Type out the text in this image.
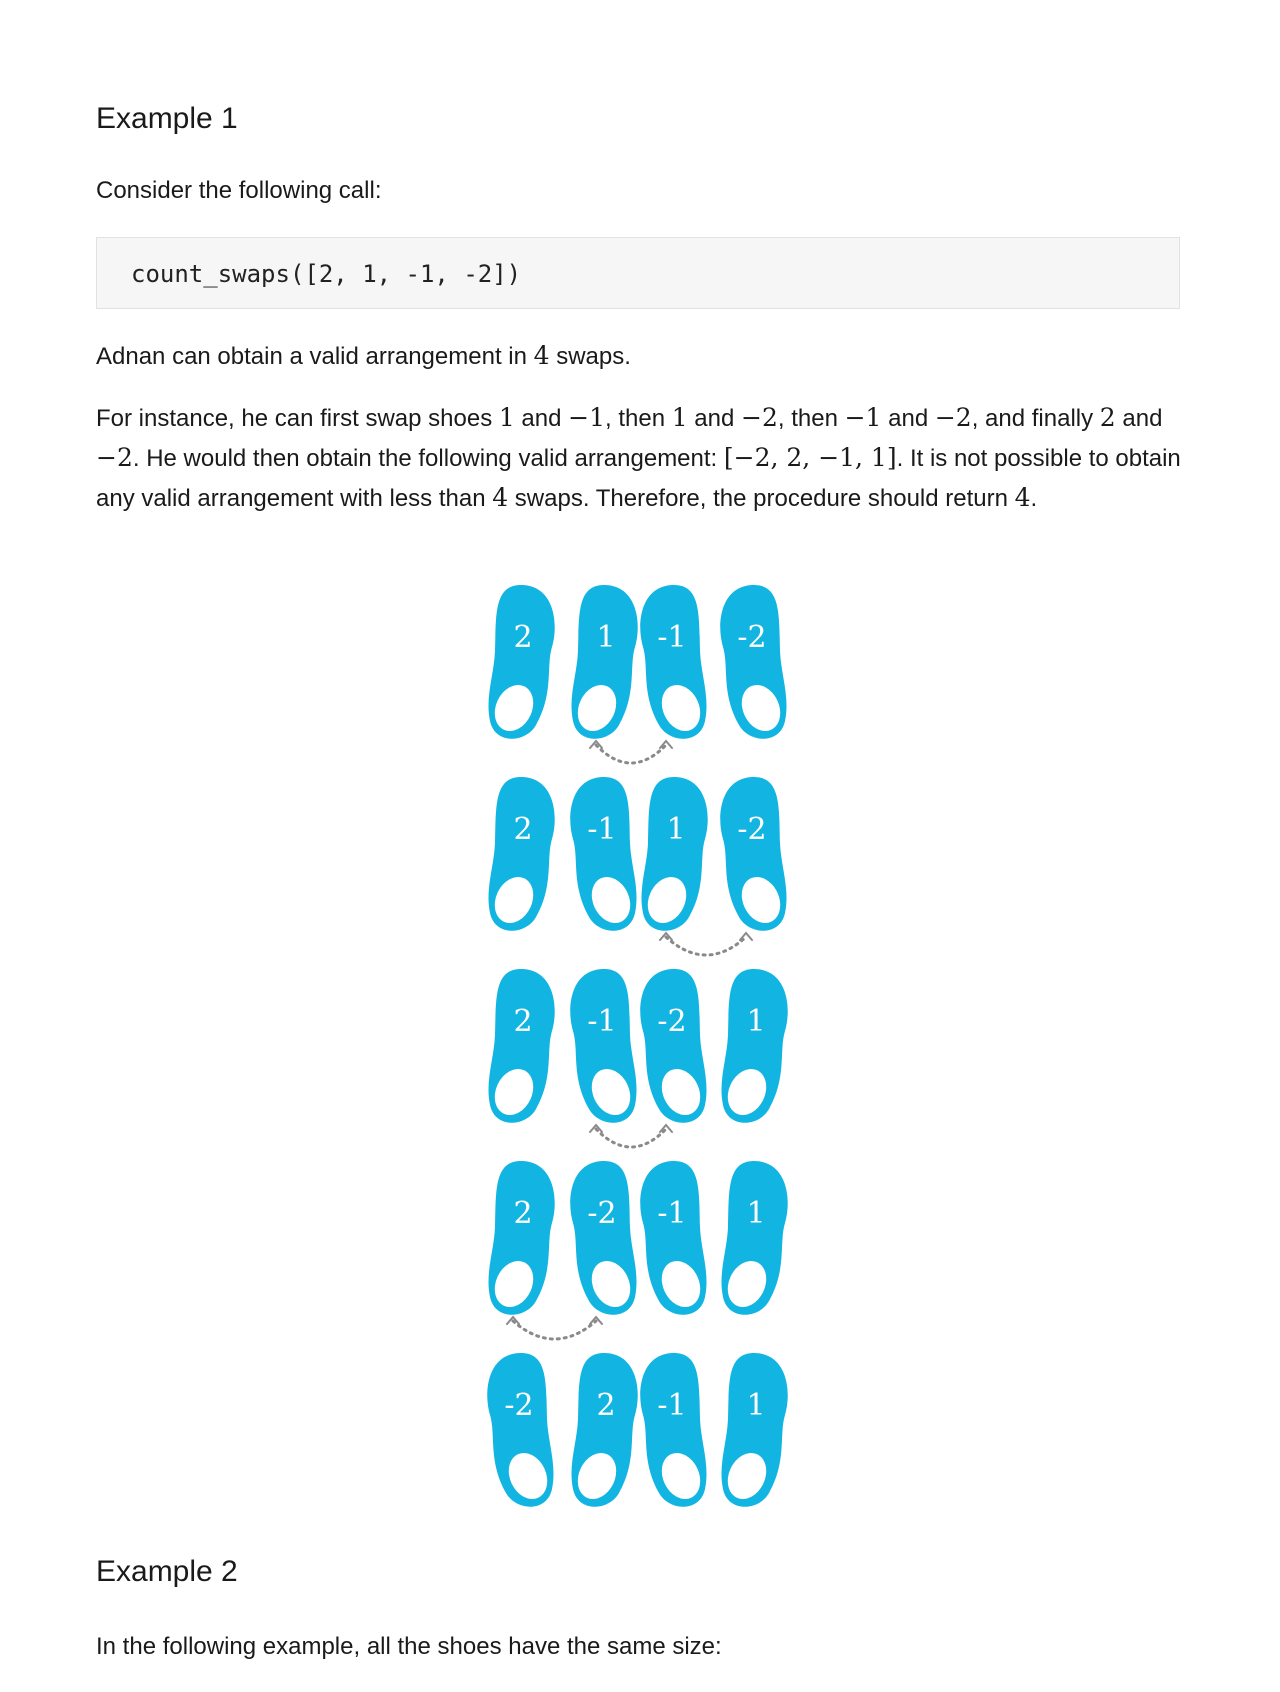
Example 1

Consider the following call:

count_swaps([2, 1, -1, -2])

Adnan can obtain a valid arrangement in 4 swaps.

For instance, he can first swap shoes 1 and −1, then 1 and −2, then −1 and −2, and finally 2 and −2. He would then obtain the following valid arrangement: [−2, 2, −1, 1]. It is not possible to obtain any valid arrangement with less than 4 swaps. Therefore, the procedure should return 4.

Example 2

In the following example, all the shoes have the same size:

2 1 -1 -2
2 -1 1 -2
2 -1 -2 1
2 -2 -1 1
-2 2 -1 1
